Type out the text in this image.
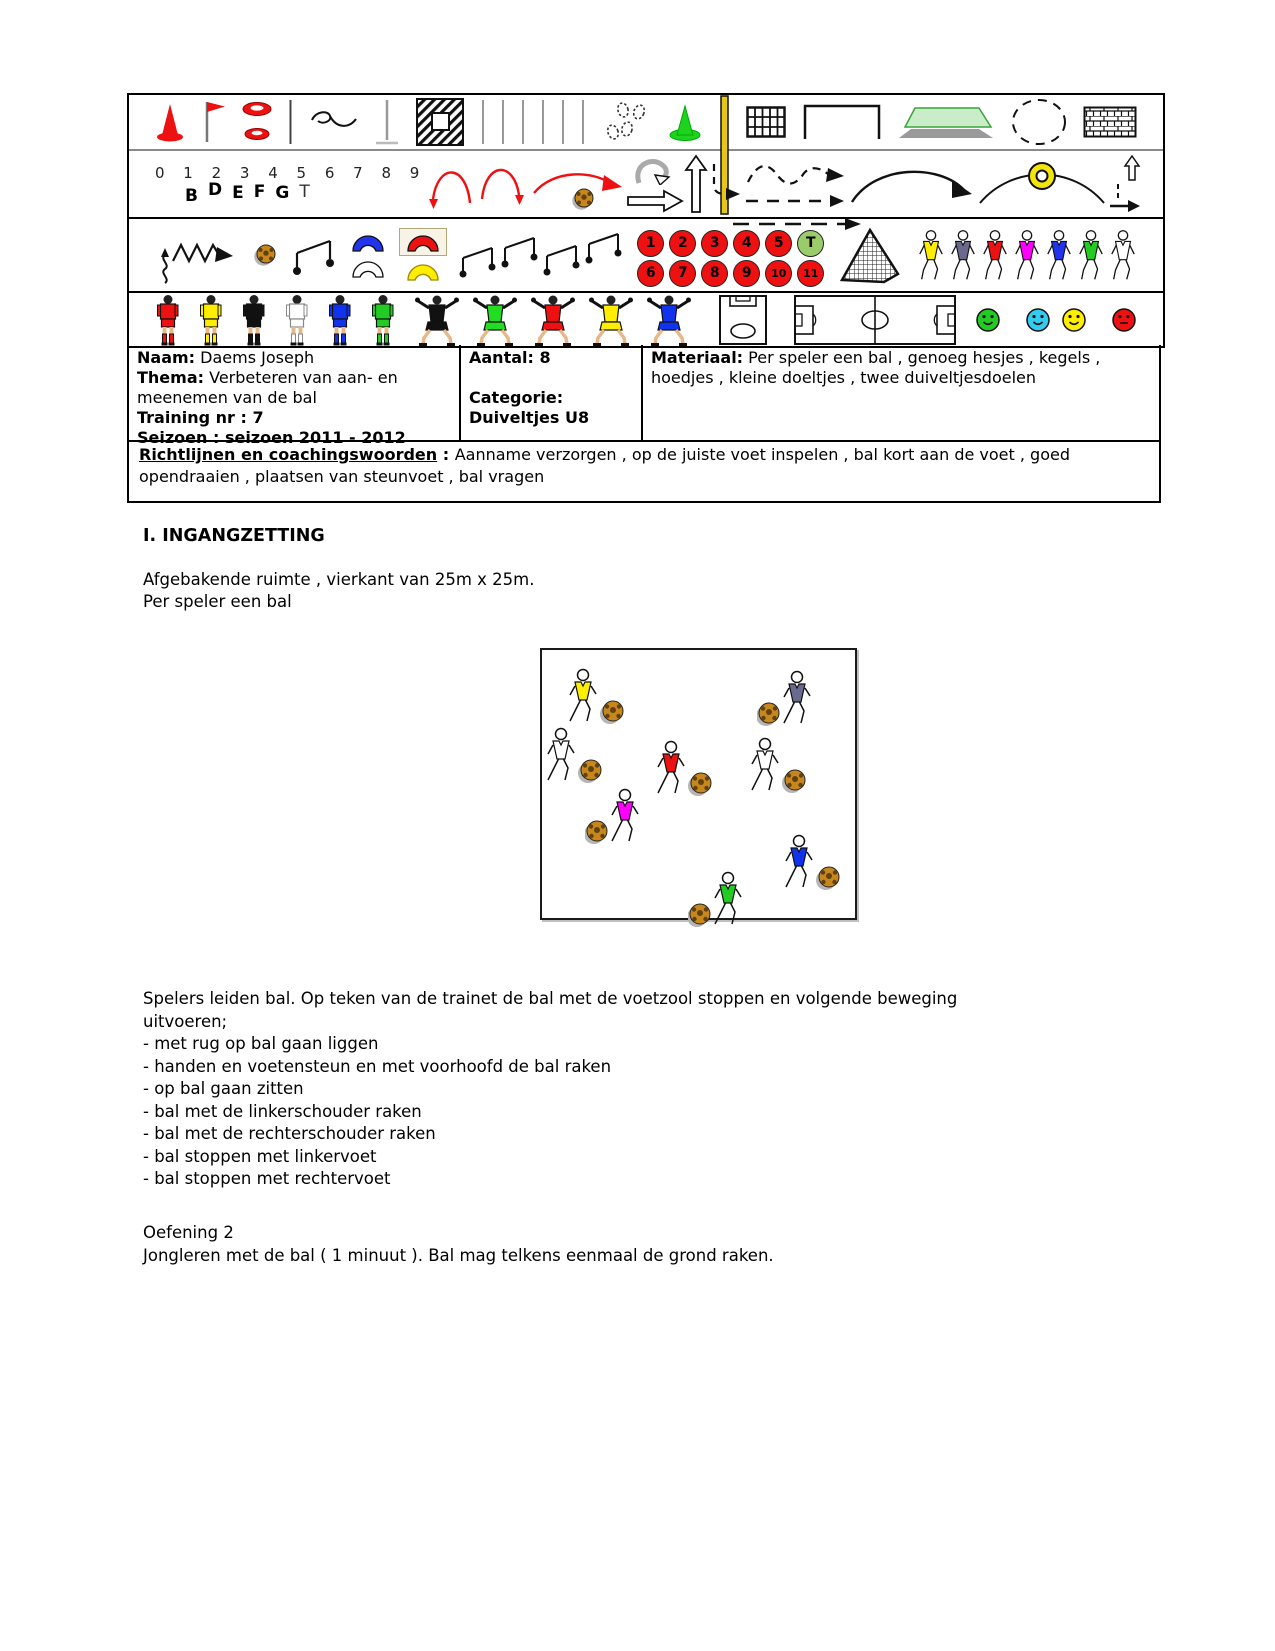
0 1 2 3 4 5 6 7 8 9
B D E F G T
1	2	3	4	5	T
6	7	8	9	10	11
Naam: Daems Joseph
Thema: Verbeteren van aan- en meenemen van de bal
Training nr : 7
Seizoen : seizoen 2011 - 2012
Aantal: 8
Categorie:
Duiveltjes U8
Materiaal: Per speler een bal , genoeg hesjes , kegels , hoedjes , kleine doeltjes , twee duiveltjesdoelen
Richtlijnen en coachingswoorden : Aanname verzorgen , op de juiste voet inspelen , bal kort aan de voet , goed opendraaien , plaatsen van steunvoet , bal vragen
I. INGANGZETTING
Afgebakende ruimte , vierkant van 25m x 25m.
Per speler een bal
Spelers leiden bal. Op teken van de trainet de bal met de voetzool stoppen en volgende beweging
uitvoeren;
- met rug op bal gaan liggen
- handen en voetensteun en met voorhoofd de bal raken
- op bal gaan zitten
- bal met de linkerschouder raken
- bal met de rechterschouder raken
- bal stoppen met linkervoet
- bal stoppen met rechtervoet
Oefening 2
Jongleren met de bal ( 1 minuut ). Bal mag telkens eenmaal de grond raken.
